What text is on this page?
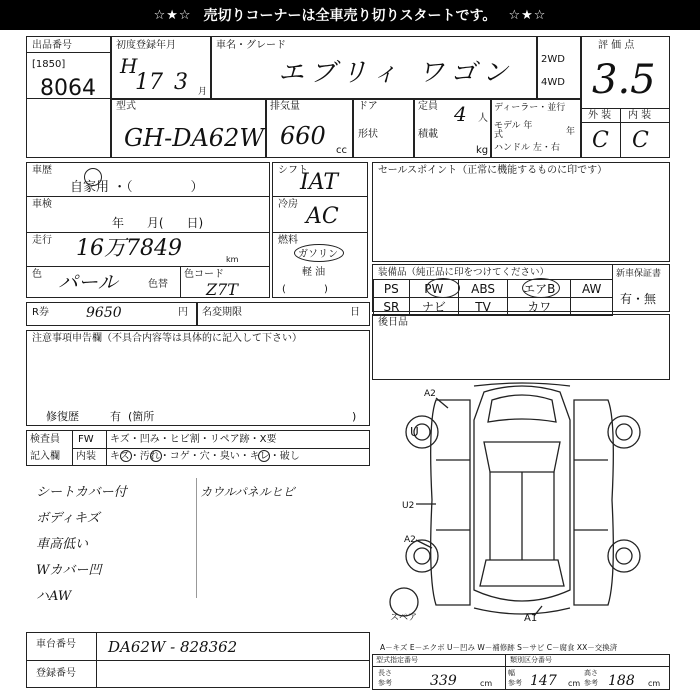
☆★☆ 売切りコーナーは全車売り切りスタートです。 ☆★☆
出品番号
[1850]
8064
初度登録年月
H
17 3 月
車名・グレード
エブリィ ワゴン	2WD
4WD
評 価 点
3.5
外 装 内 装
C C
型式
GH-DA62W
排気量
660
cc
ドア
形状
定員 4 人
積載
kg
ディーラー・並行
モデル 年式	年
ハンドル 左・右
車歴
自家用 ・（              ）
車検
年      月(      日)
走行 16万7849	km
色 パール	色替
色コード
Z7T
シフト
IAT
冷房 AC
燃料
ガソリン
軽 油
(            )
セールスポイント（正常に機能するものに印です）
装備品（純正品に印をつけてください）
PS	PW	ABS	エアB	AW
SR	ナビ	TV	カワ	
新車保証書
有・無
R券	9650	円 名変期限	日
後日品
注意事項申告欄（不具合内容等は具体的に記入して下さい）
修復歴	有  (箇所	)
検査員
記入欄
FW キズ・凹み・ヒビ割・リペア跡・X要
内装 キズ・汚れ・コゲ・穴・臭い・キレ・破し
シートカバー付
ボディキズ
車高低い
Wカバー凹
ハAW
カウルパネルヒビ
A2
U
A2
U2
A1
スペア
A－キズ E－エクボ U－凹み W－補修跡 S－サビ C－腐食 XX－交換済
車台番号 DA62W - 828362
登録番号
型式指定番号	類別区分番号
長さ
参考	339	cm
幅
参考 147 cm
高さ
参考 188 cm
